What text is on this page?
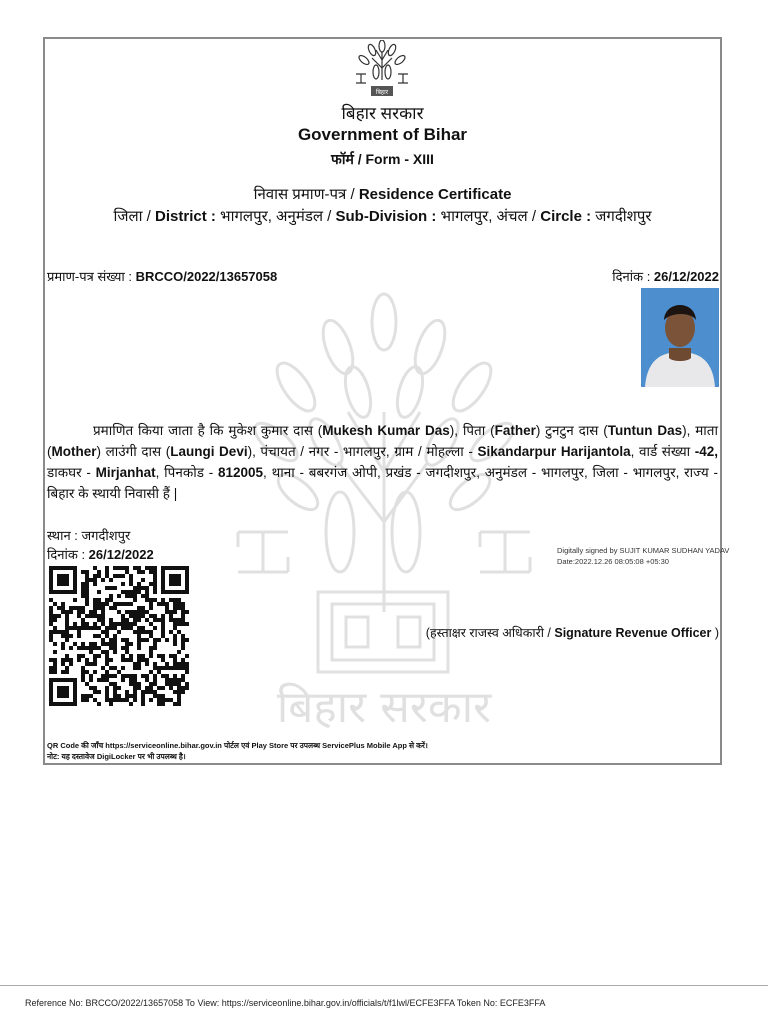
बिहार सरकार
बिहार
बिहार सरकार
Government of Bihar
फॉर्म / Form - XIII
निवास प्रमाण-पत्र / Residence Certificate
जिला / District : भागलपुर, अनुमंडल / Sub-Division : भागलपुर, अंचल / Circle : जगदीशपुर
प्रमाण-पत्र संख्या : BRCCO/2022/13657058	दिनांक : 26/12/2022
प्रमाणित किया जाता है कि मुकेश कुमार दास (Mukesh Kumar Das), पिता (Father) टुनटुन दास (Tuntun Das), माता (Mother) लाउंगी दास (Laungi Devi), पंचायत / नगर - भागलपुर, ग्राम / मोहल्ला - Sikandarpur Harijantola, वार्ड संख्या -42, डाकघर - Mirjanhat, पिनकोड - 812005, थाना - बबरगंज ओपी, प्रखंड - जगदीशपुर, अनुमंडल - भागलपुर, जिला - भागलपुर, राज्य - बिहार के स्थायी निवासी हैं |
स्थान : जगदीशपुर
दिनांक : 26/12/2022	Digitally signed by SUJIT KUMAR SUDHAN YADAV
Date:2022.12.26 08:05:08 +05:30
(हस्ताक्षर राजस्व अधिकारी / Signature Revenue Officer )
QR Code की जाँच https://serviceonline.bihar.gov.in पोर्टल एवं Play Store पर उपलब्ध ServicePlus Mobile App से करें।
नोट: यह दस्तावेज DigiLocker पर भी उपलब्ध है।
Reference No: BRCCO/2022/13657058 To View: https://serviceonline.bihar.gov.in/officials/t/f1lwl/ECFE3FFA Token No: ECFE3FFA
